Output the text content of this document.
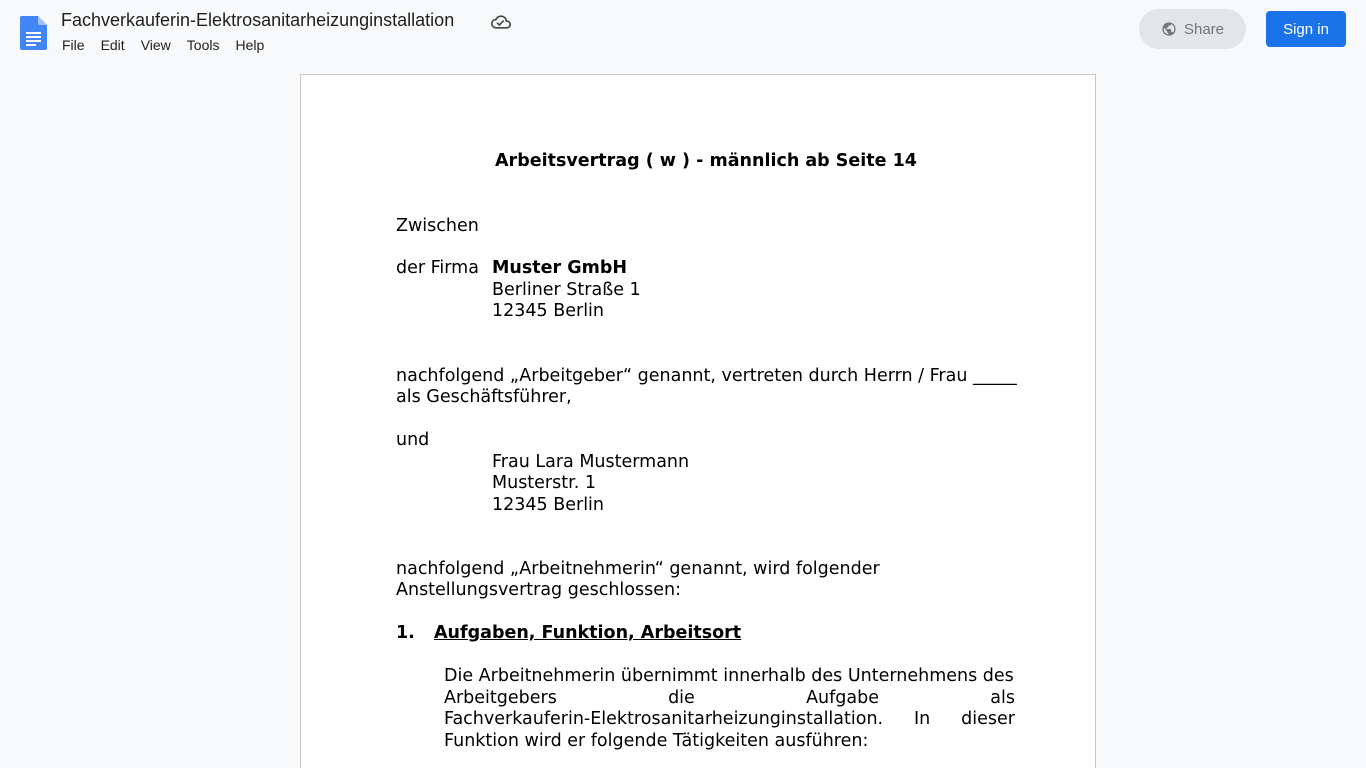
Fachverkauferin-Elektrosanitarheizunginstallation
File Edit View Tools Help
Share	Sign in
Arbeitsvertrag ( w ) - männlich ab Seite 14
Zwischen
der Firma Muster GmbH
Berliner Straße 1
12345 Berlin
nachfolgend „Arbeitgeber“ genannt, vertreten durch Herrn / Frau _____
als Geschäftsführer,
und
Frau Lara Mustermann
Musterstr. 1
12345 Berlin
nachfolgend „Arbeitnehmerin“ genannt, wird folgender
Anstellungsvertrag geschlossen:
1. Aufgaben, Funktion, Arbeitsort
Die Arbeitnehmerin übernimmt innerhalb des Unternehmens des
Arbeitgebers	die	Aufgabe	als
Fachverkauferin-Elektrosanitarheizunginstallation. In dieser
Funktion wird er folgende Tätigkeiten ausführen:
